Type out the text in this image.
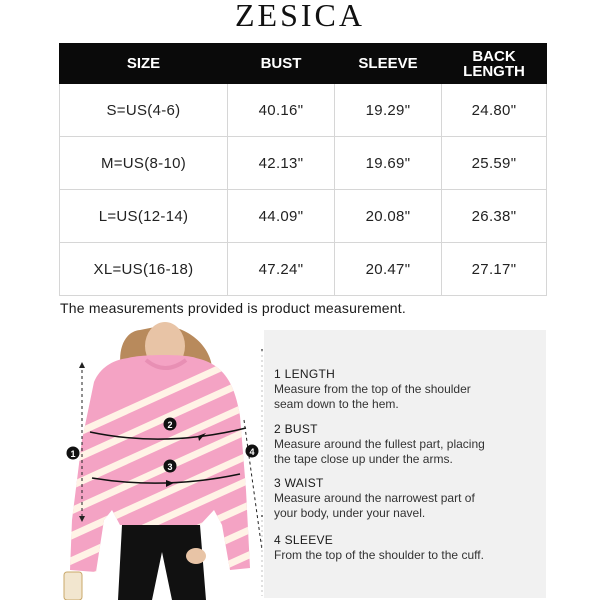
ZESICA
SIZE	BUST	SLEEVE	BACK
LENGTH
S=US(4-6)	40.16"	19.29"	24.80"
M=US(8-10)	42.13"	19.69"	25.59"
L=US(12-14)	44.09"	20.08"	26.38"
XL=US(16-18)	47.24"	20.47"	27.17"
The measurements provided is product measurement.
1
2
3
4
1 LENGTH
Measure from the top of the shoulder seam down to the hem.
2 BUST
Measure around the fullest part, placing the tape close up under the arms.
3 WAIST
Measure around the narrowest part of your body, under your navel.
4 SLEEVE
From the top of the shoulder to the cuff.
